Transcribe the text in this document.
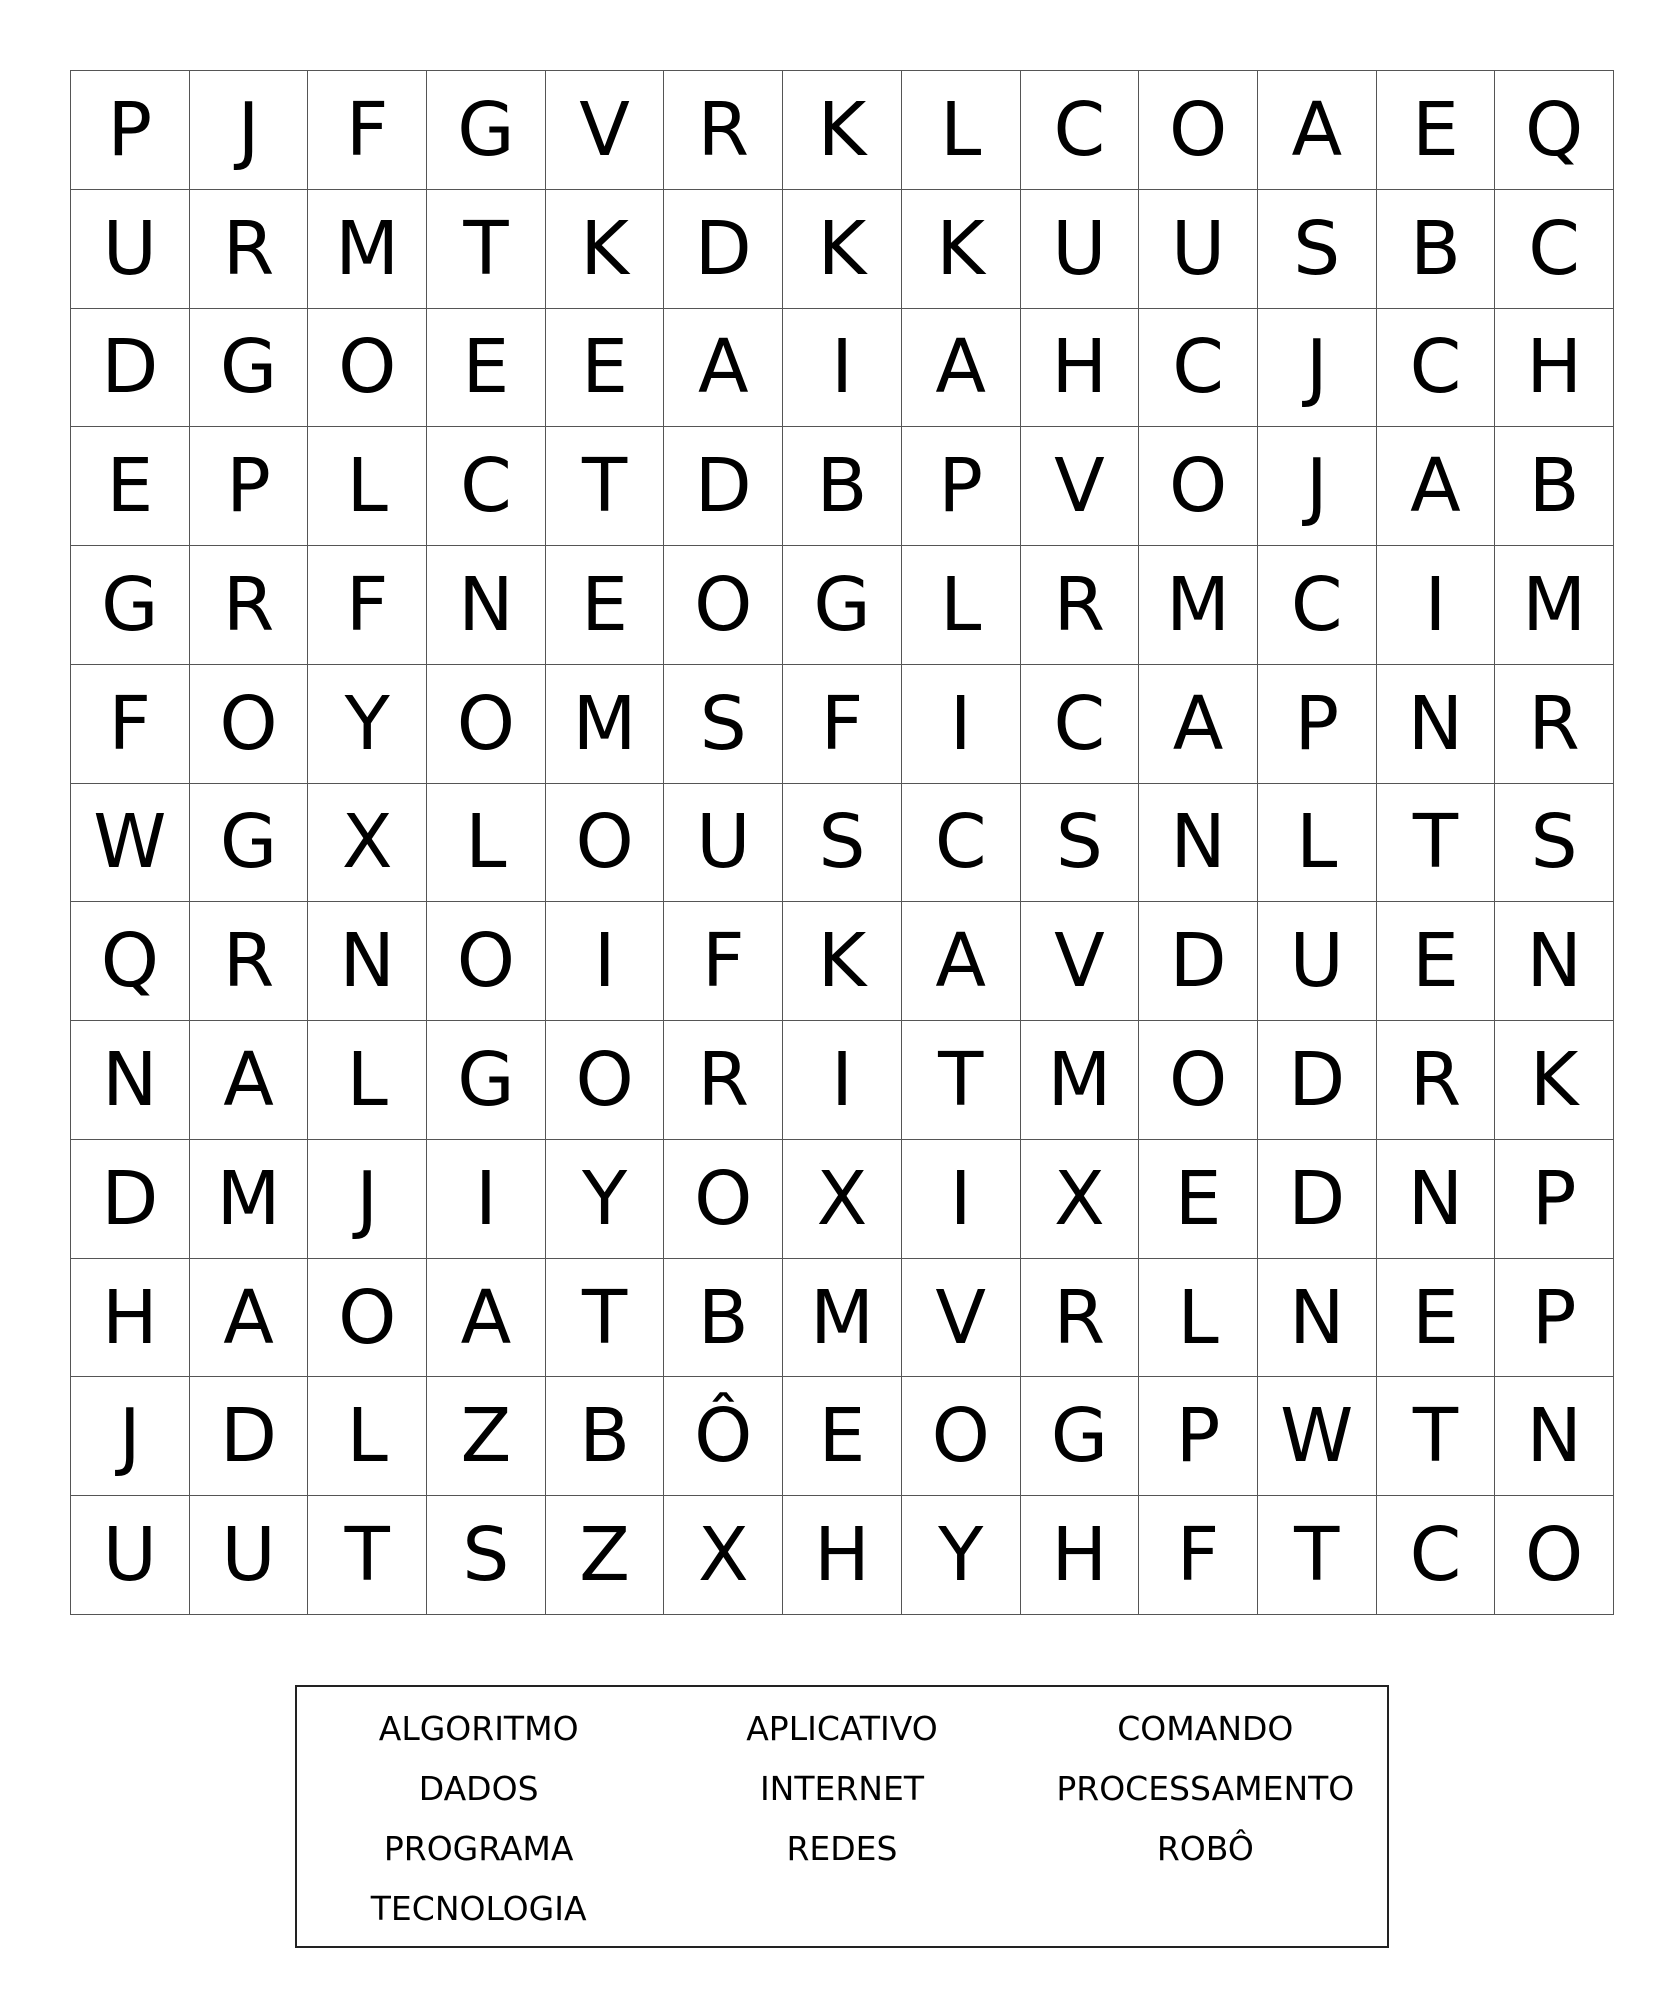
P	J	F G V R K L C O A E Q
U R M T K D K K U U S B C
D G O E E A	I	A H C	J	C H
E P	L C T D B P V O	J	A B
G R F N E O G L R M C	I	M
F O Y O M S F	I	C A P N R
W G X L O U S C S N L	T S
Q R N O	I	F K A V D U E N
N A L G O R	I	T M O D R K
D M	J	I	Y O X	I	X E D N P
H A O A T B M V R L N E P
J	D L Z B Ô E O G P W T N
U U T S Z X H Y H F	T C O
ALGORITMO	APLICATIVO	COMANDO
DADOS	INTERNET	PROCESSAMENTO
PROGRAMA	REDES	ROBÔ
TECNOLOGIA
